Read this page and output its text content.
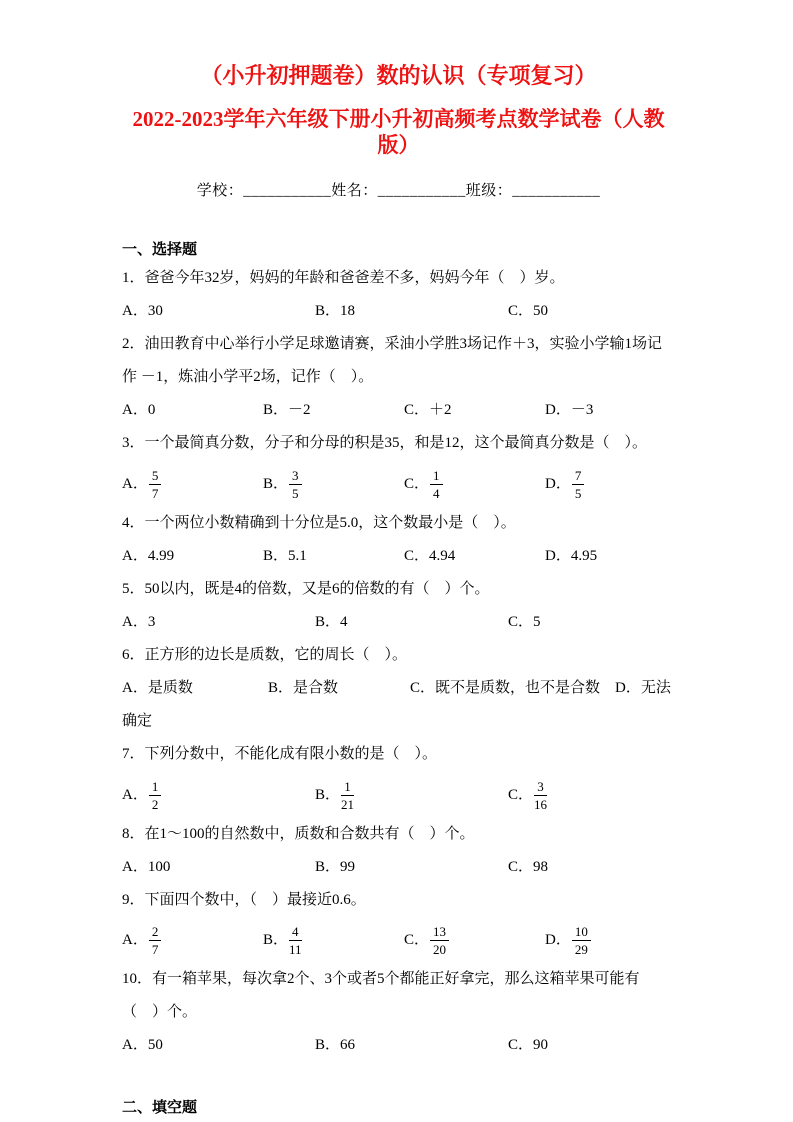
（小升初押题卷）数的认识（专项复习）
2022-2023学年六年级下册小升初高频考点数学试卷（人教版）
学校：___________姓名：___________班级：___________
一、选择题

1．爸爸今年32岁，妈妈的年龄和爸爸差不多，妈妈今年（　）岁。

A．30	B．18	C．50

2．油田教育中心举行小学足球邀请赛，采油小学胜3场记作＋3，实验小学输1场记作 －1，炼油小学平2场，记作（　）。

A．0	B．－2	C．＋2	D．－3

3．一个最简真分数，分子和分母的积是35，和是12，这个最简真分数是（　）。

A． $\frac{5}{7}$	B． $\frac{3}{5}$	C． $\frac{1}{4}$	D． $\frac{7}{5}$

4．一个两位小数精确到十分位是5.0，这个数最小是（　）。

A．4.99	B．5.1	C．4.94	D．4.95

5．50以内，既是4的倍数，又是6的倍数的有（　）个。

A．3	B．4	C．5

6．正方形的边长是质数，它的周长（　）。

A．是质数	B．是合数	C．既不是质数，也不是合数 D．无法确定

7．下列分数中，不能化成有限小数的是（　）。

A． $\frac{1}{2}$	B． $\frac{1}{21}$	C． $\frac{3}{16}$

8．在1～100的自然数中，质数和合数共有（　）个。

A．100	B．99	C．98

9．下面四个数中，（　）最接近0.6。

A． $\frac{2}{7}$	B． $\frac{4}{11}$	C． $\frac{13}{20}$	D． $\frac{10}{29}$

10．有一箱苹果，每次拿2个、3个或者5个都能正好拿完，那么这箱苹果可能有（　）个。

A．50	B．66	C．90
二、填空题
